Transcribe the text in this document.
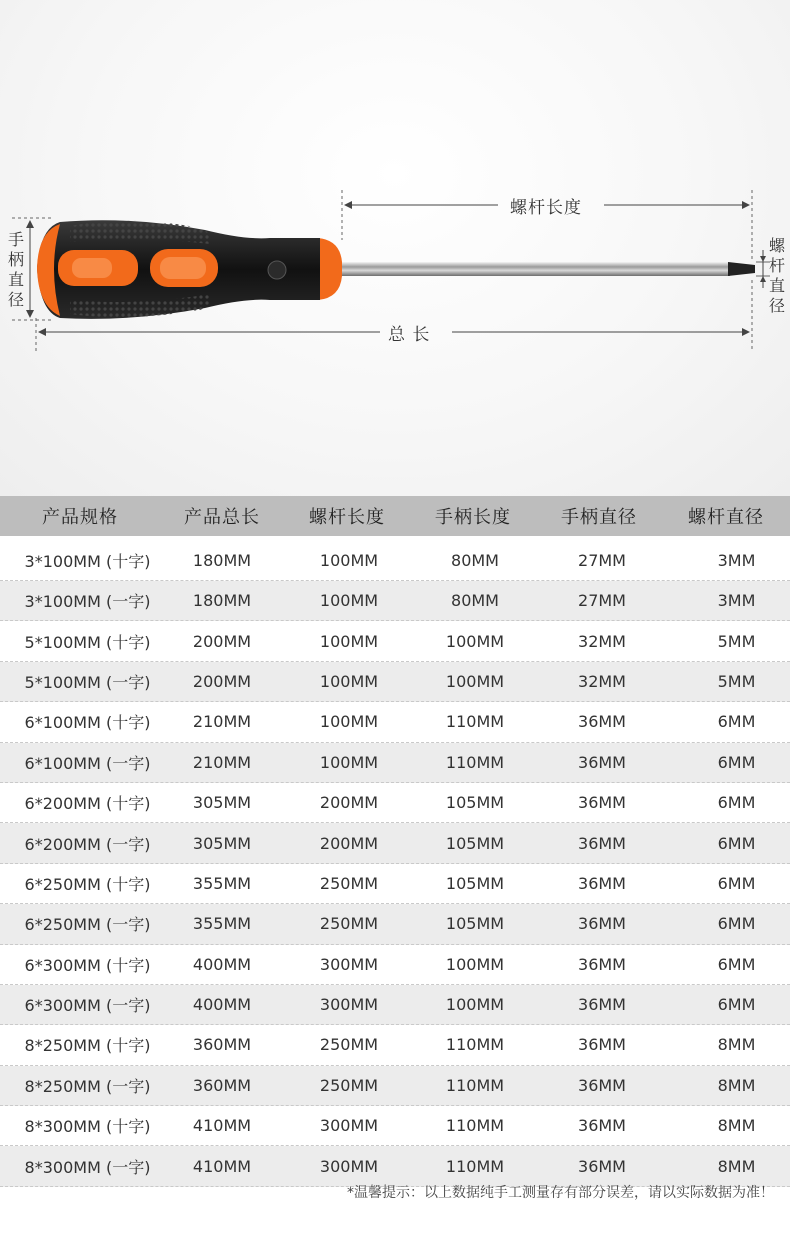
螺杆长度
总 长
手柄直径
螺杆直径
产品规格	产品总长	螺杆长度	手柄长度	手柄直径	螺杆直径
3*100MM (十字)	180MM	100MM	80MM	27MM	3MM
3*100MM (一字)	180MM	100MM	80MM	27MM	3MM
5*100MM (十字)	200MM	100MM	100MM	32MM	5MM
5*100MM (一字)	200MM	100MM	100MM	32MM	5MM
6*100MM (十字)	210MM	100MM	110MM	36MM	6MM
6*100MM (一字)	210MM	100MM	110MM	36MM	6MM
6*200MM (十字)	305MM	200MM	105MM	36MM	6MM
6*200MM (一字)	305MM	200MM	105MM	36MM	6MM
6*250MM (十字)	355MM	250MM	105MM	36MM	6MM
6*250MM (一字)	355MM	250MM	105MM	36MM	6MM
6*300MM (十字)	400MM	300MM	100MM	36MM	6MM
6*300MM (一字)	400MM	300MM	100MM	36MM	6MM
8*250MM (十字)	360MM	250MM	110MM	36MM	8MM
8*250MM (一字)	360MM	250MM	110MM	36MM	8MM
8*300MM (十字)	410MM	300MM	110MM	36MM	8MM
8*300MM (一字)	410MM	300MM	110MM	36MM	8MM
*温馨提示：以上数据纯手工测量存有部分误差，请以实际数据为准！
